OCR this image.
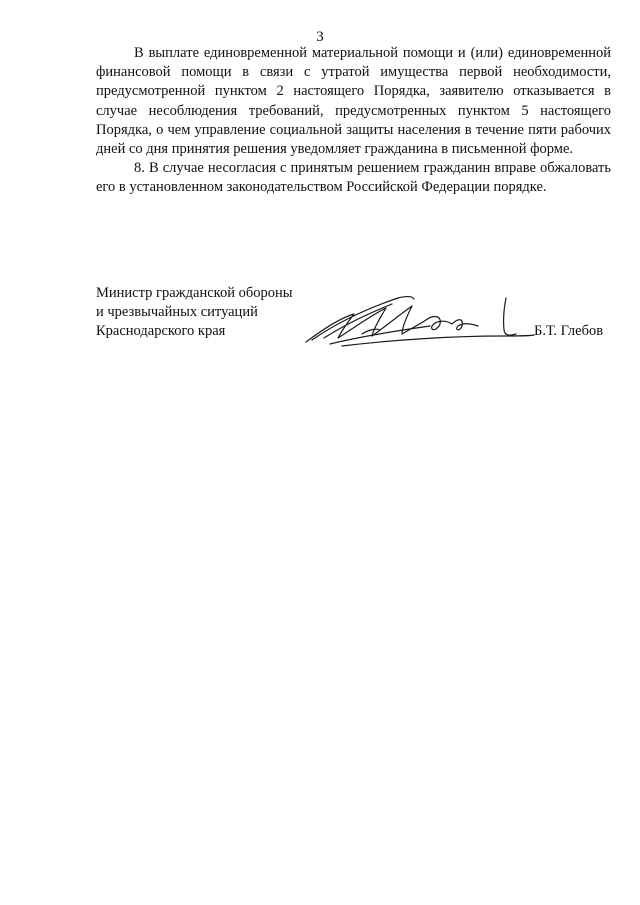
3

В выплате единовременной материальной помощи и (или) единовременной финансовой помощи в связи с утратой имущества первой необходимости, предусмотренной пунктом 2 настоящего Порядка, заявителю отказывается в случае несоблюдения требований, предусмотренных пунктом 5 настоящего Порядка, о чем управление социальной защиты населения в течение пяти рабочих дней со дня принятия решения уведомляет гражданина в письменной форме.

8. В случае несогласия с принятым решением гражданин вправе обжаловать его в установленном законодательством Российской Федерации порядке.

Министр гражданской обороны
и чрезвычайных ситуаций
Краснодарского края	Б.Т. Глебов
